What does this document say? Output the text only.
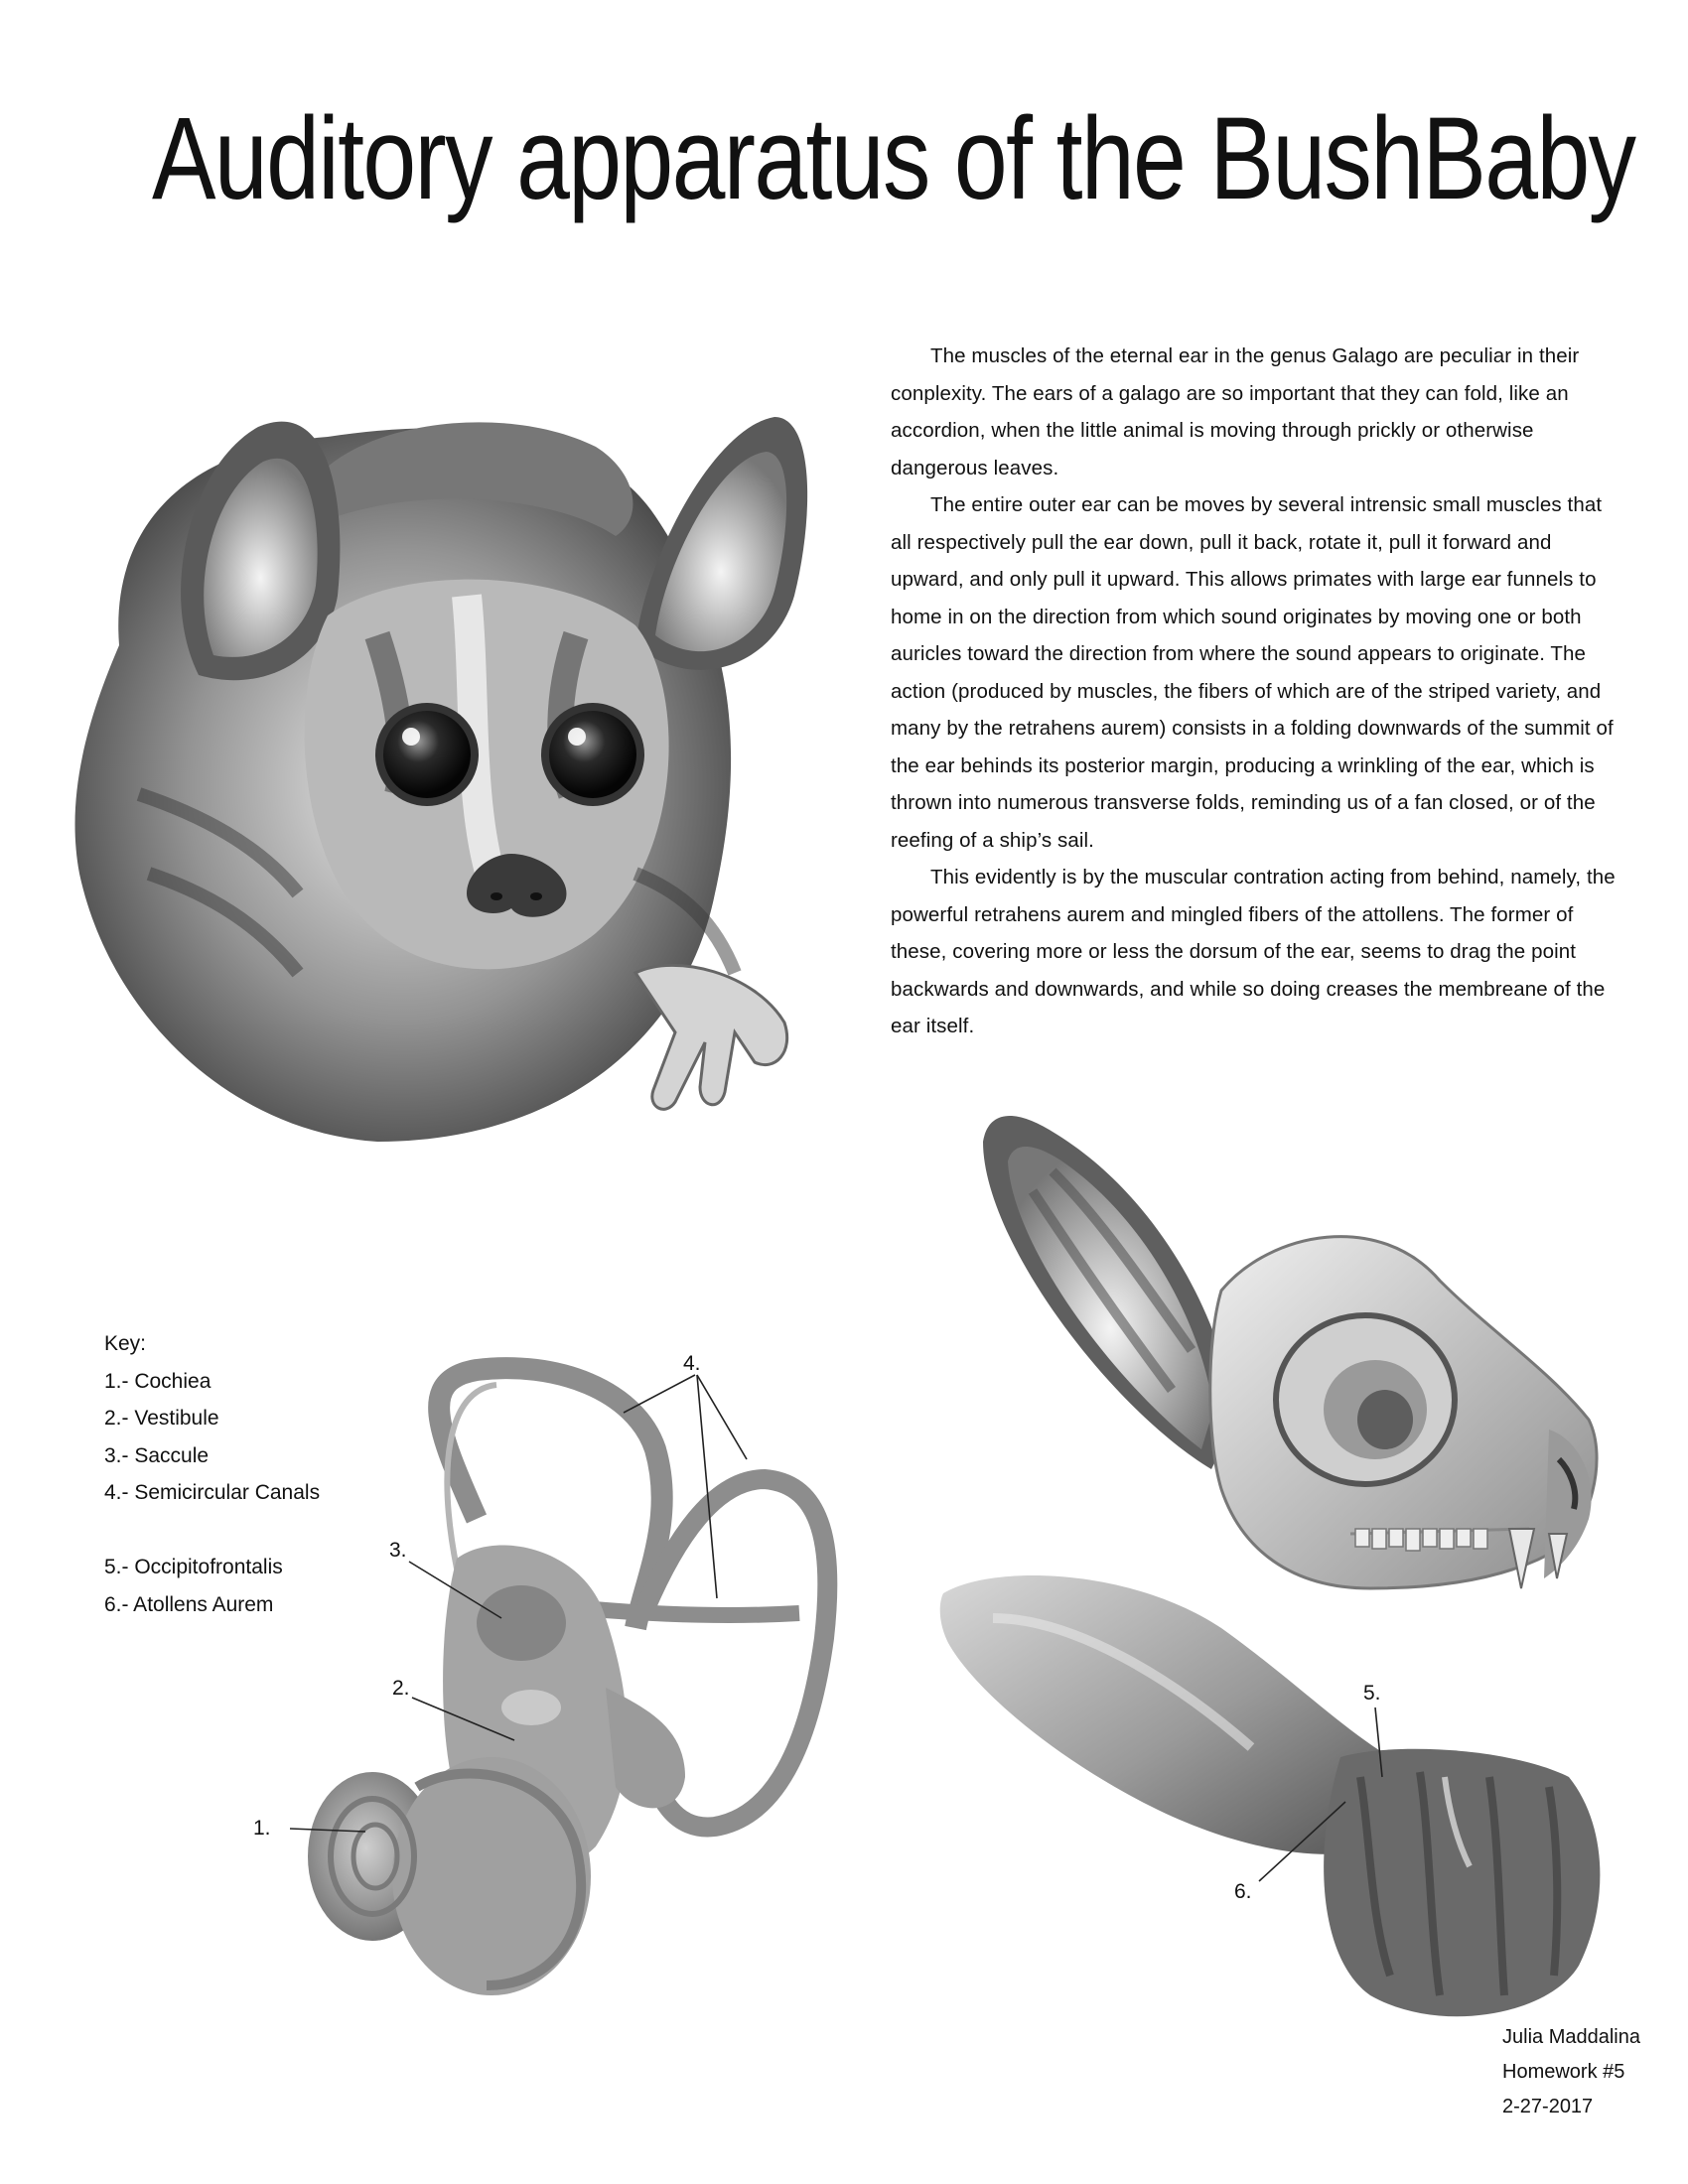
Auditory apparatus of the BushBaby

The muscles of the eternal ear in the genus Galago are peculiar in their conplexity. The ears of a galago are so important that they can fold, like an accordion, when the little animal is moving through prickly or otherwise dangerous leaves.

The entire outer ear can be moves by several intrensic small muscles that all respectively pull the ear down, pull it back, rotate it, pull it forward and upward, and only pull it upward. This allows primates with large ear funnels to home in on the direction from which sound originates by moving one or both auricles toward the direction from where the sound appears to originate. The action (produced by muscles, the fibers of which are of the striped variety, and many by the retrahens aurem) consists in a folding downwards of the summit of the ear behinds its posterior margin, producing a wrinkling of the ear, which is thrown into numerous transverse folds, reminding us of a fan closed, or of the reefing of a ship’s sail.

This evidently is by the muscular contration acting from behind, namely, the powerful retrahens aurem and mingled fibers of the attollens. The former of these, covering more or less the dorsum of the ear, seems to drag the point backwards and downwards, and while so doing creases the membreane of the ear itself.

1.
2.
3.
4.
5.
6.
Key:
1.- Cochiea
2.- Vestibule
3.- Saccule
4.- Semicircular Canals
5.- Occipitofrontalis
6.- Atollens Aurem
Julia Maddalina
Homework #5
2-27-2017
